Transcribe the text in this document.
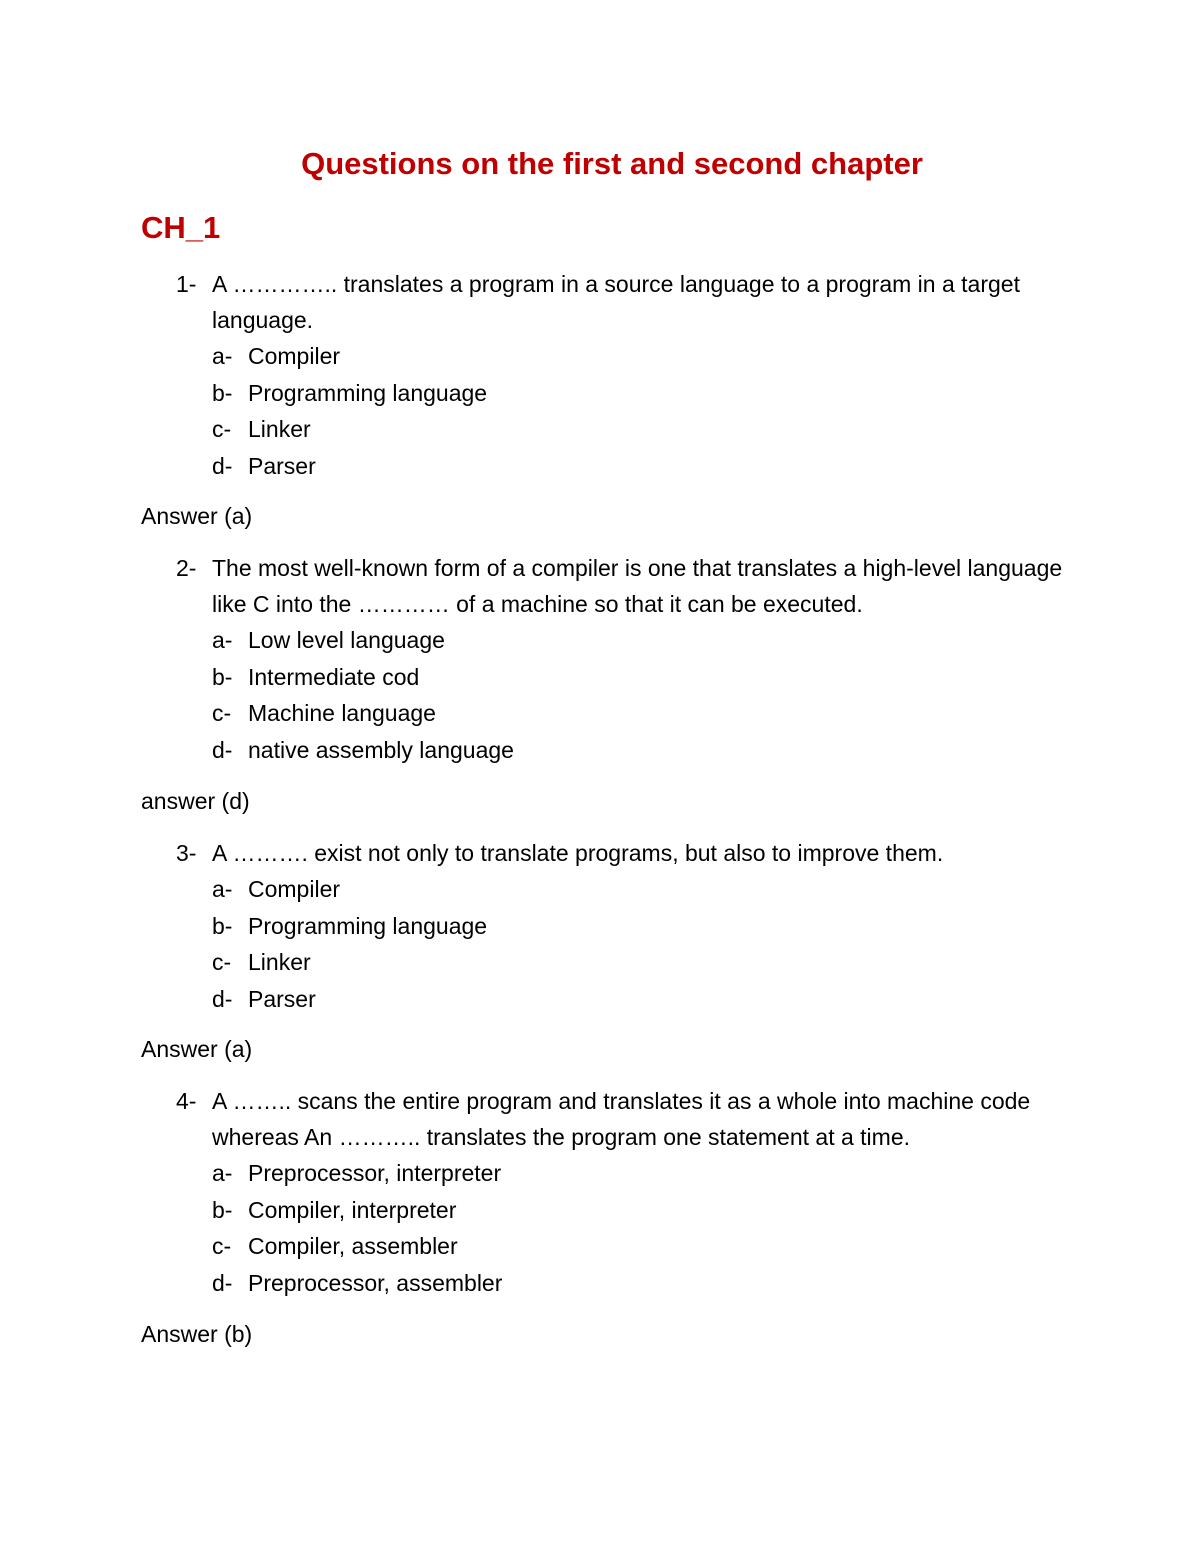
Questions on the first and second chapter
CH_1
1- A ………….. translates a program in a source language to a program in a target language.
a- Compiler
b- Programming language
c- Linker
d- Parser
Answer (a)
2- The most well-known form of a compiler is one that translates a high-level language like C into the ………… of a machine so that it can be executed.
a- Low level language
b- Intermediate cod
c- Machine language
d- native assembly language
answer (d)
3- A ………. exist not only to translate programs, but also to improve them.
a- Compiler
b- Programming language
c- Linker
d- Parser
Answer (a)
4- A …….. scans the entire program and translates it as a whole into machine code whereas An ……….. translates the program one statement at a time.
a- Preprocessor, interpreter
b- Compiler, interpreter
c- Compiler, assembler
d- Preprocessor, assembler
Answer (b)
